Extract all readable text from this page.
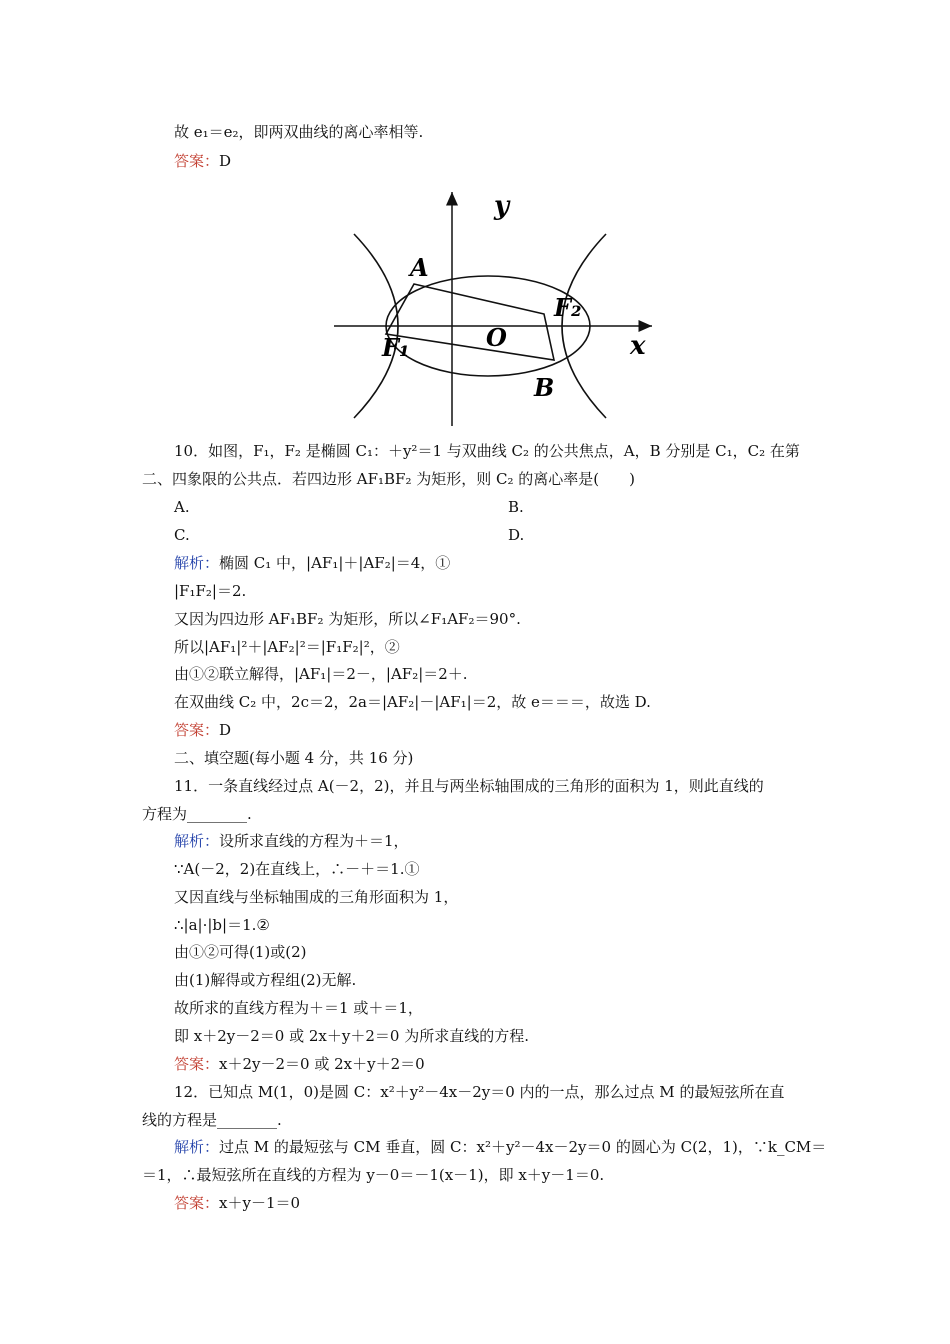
故 e₁＝e₂，即两双曲线的离心率相等.
答案：D
y
x
A
B
F₁
F₂
O
10．如图，F₁，F₂ 是椭圆 C₁：＋y²＝1 与双曲线 C₂ 的公共焦点，A，B 分别是 C₁，C₂ 在第
二、四象限的公共点．若四边形 AF₁BF₂ 为矩形，则 C₂ 的离心率是(　　)
A.	B.
C.	D.
解析：椭圆 C₁ 中，|AF₁|＋|AF₂|＝4，①
|F₁F₂|＝2.
又因为四边形 AF₁BF₂ 为矩形，所以∠F₁AF₂＝90°.
所以|AF₁|²＋|AF₂|²＝|F₁F₂|²，②
由①②联立解得，|AF₁|＝2－，|AF₂|＝2＋.
在双曲线 C₂ 中，2c＝2，2a＝|AF₂|－|AF₁|＝2，故 e＝＝＝，故选 D.
答案：D
二、填空题(每小题 4 分，共 16 分)
11．一条直线经过点 A(－2，2)，并且与两坐标轴围成的三角形的面积为 1，则此直线的
方程为________.
解析：设所求直线的方程为＋＝1，
∵A(－2，2)在直线上，∴－＋＝1.①
又因直线与坐标轴围成的三角形面积为 1，
∴|a|·|b|＝1.②
由①②可得(1)或(2)
由(1)解得或方程组(2)无解.
故所求的直线方程为＋＝1 或＋＝1，
即 x＋2y－2＝0 或 2x＋y＋2＝0 为所求直线的方程.
答案：x＋2y－2＝0 或 2x＋y＋2＝0
12．已知点 M(1，0)是圆 C：x²＋y²－4x－2y＝0 内的一点，那么过点 M 的最短弦所在直
线的方程是________.
解析：过点 M 的最短弦与 CM 垂直，圆 C：x²＋y²－4x－2y＝0 的圆心为 C(2，1)，∵k_CM＝
＝1，∴最短弦所在直线的方程为 y－0＝－1(x－1)，即 x＋y－1＝0.
答案：x＋y－1＝0
